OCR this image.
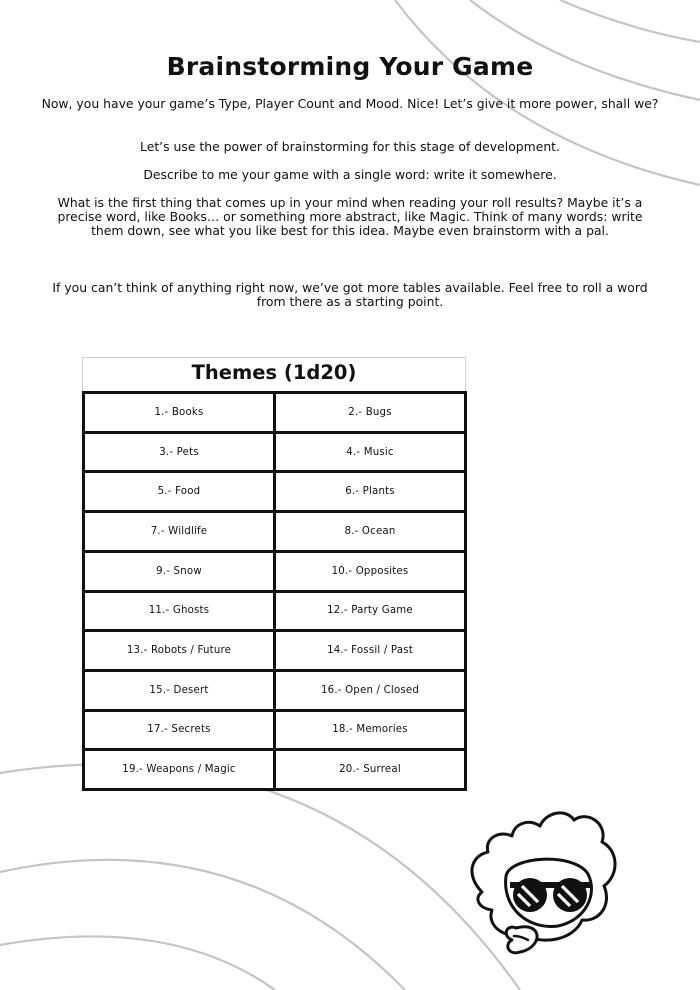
Brainstorming Your Game

Now, you have your game’s Type, Player Count and Mood. Nice! Let’s give it more power, shall we?

Let’s use the power of brainstorming for this stage of development.

Describe to me your game with a single word: write it somewhere.

What is the first thing that comes up in your mind when reading your roll results? Maybe it’s a precise word, like Books… or something more abstract, like Magic. Think of many words: write them down, see what you like best for this idea. Maybe even brainstorm with a pal.

If you can’t think of anything right now, we’ve got more tables available. Feel free to roll a word from there as a starting point.

Themes (1d20)
1.- Books	2.- Bugs
3.- Pets	4.- Music
5.- Food	6.- Plants
7.- Wildlife	8.- Ocean
9.- Snow	10.- Opposites
11.- Ghosts	12.- Party Game
13.- Robots / Future	14.- Fossil / Past
15.- Desert	16.- Open / Closed
17.- Secrets	18.- Memories
19.- Weapons / Magic	20.- Surreal
